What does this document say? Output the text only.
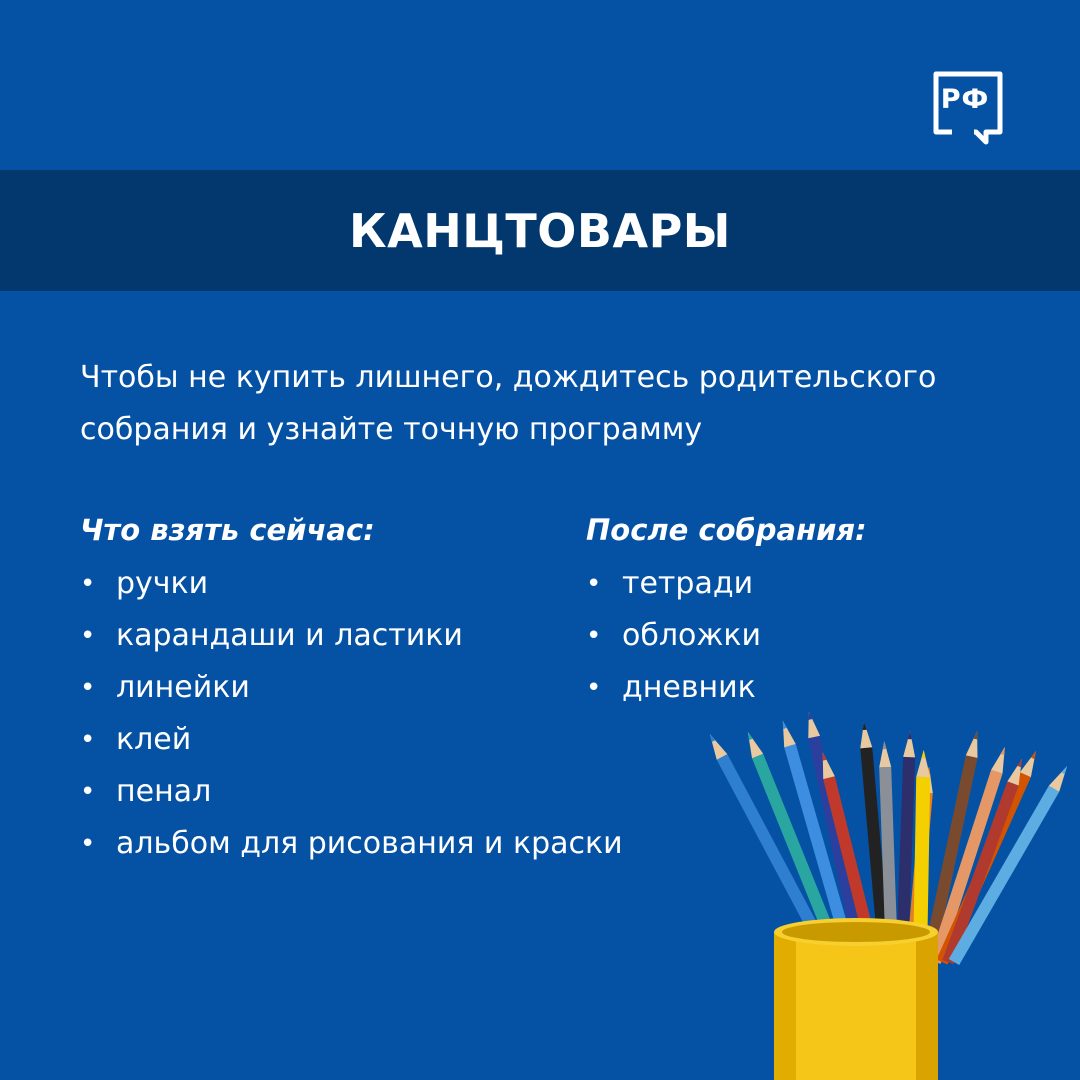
РФ
КАНЦТОВАРЫ

Чтобы не купить лишнего, дождитесь родительского собрания и узнайте точную программу

Что взять сейчас:
• ручки
• карандаши и ластики
• линейки
• клей
• пенал
• альбом для рисования и краски
После собрания:
• тетради
• обложки
• дневник
